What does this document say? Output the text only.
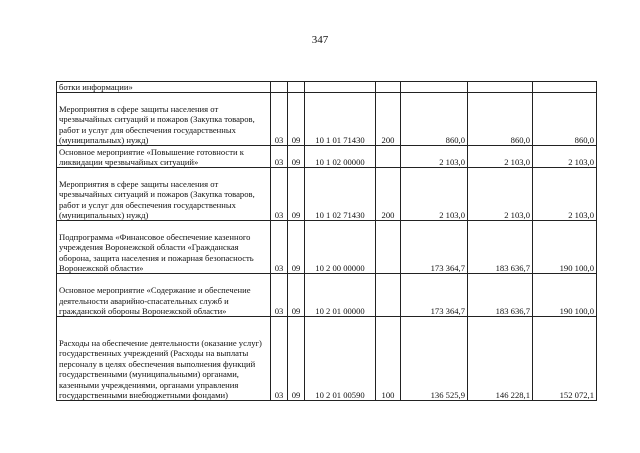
347
ботки информации»							
Мероприятия в сфере защиты населения от чрезвычайных ситуаций и пожаров (Закупка товаров, работ и услуг для обеспечения государственных (муниципальных) нужд)	03	09	10 1 01 71430	200	860,0	860,0	860,0
Основное мероприятие «Повышение готовности к ликвидации чрезвычайных ситуаций»	03	09	10 1 02 00000		2 103,0	2 103,0	2 103,0
Мероприятия в сфере защиты населения от чрезвычайных ситуаций и пожаров (Закупка товаров, работ и услуг для обеспечения государственных (муниципальных) нужд)	03	09	10 1 02 71430	200	2 103,0	2 103,0	2 103,0
Подпрограмма «Финансовое обеспечение казенного учреждения Воронежской области «Гражданская оборона, защита населения и пожарная безопасность Воронежской области»	03	09	10 2 00 00000		173 364,7	183 636,7	190 100,0
Основное мероприятие «Содержание и обеспечение деятельности аварийно-спасательных служб и гражданской обороны Воронежской области»	03	09	10 2 01 00000		173 364,7	183 636,7	190 100,0
Расходы на обеспечение деятельности (оказание услуг) государственных учреждений (Расходы на выплаты персоналу в целях обеспечения выполнения функций государственными (муниципальными) органами, казенными учреждениями, органами управления государственными внебюджетными фондами)	03	09	10 2 01 00590	100	136 525,9	146 228,1	152 072,1
